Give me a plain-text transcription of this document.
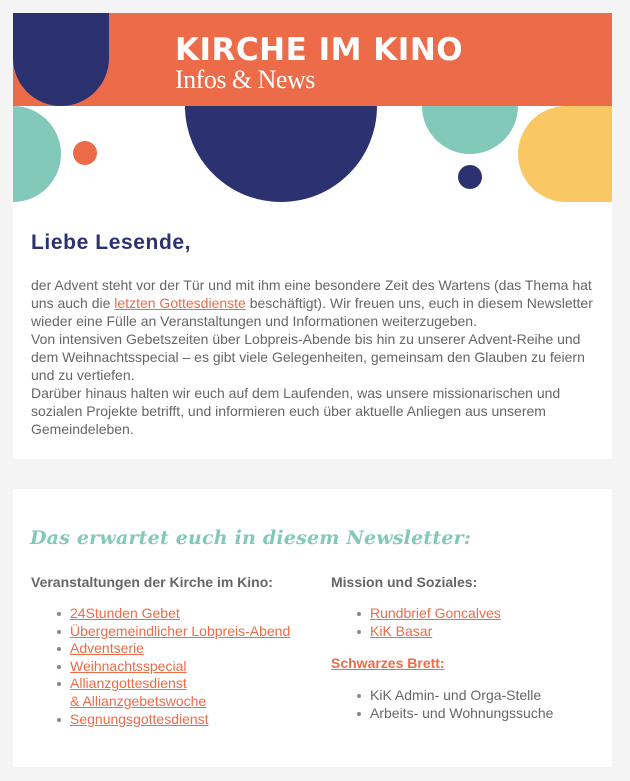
KIRCHE IM KINO
Infos & News
Liebe Lesende,

der Advent steht vor der Tür und mit ihm eine besondere Zeit des Wartens (das Thema hat uns auch die letzten Gottesdienste beschäftigt). Wir freuen uns, euch in diesem Newsletter wieder eine Fülle an Veranstaltungen und Informationen weiterzugeben.

Von intensiven Gebetszeiten über Lobpreis-Abende bis hin zu unserer Advent-Reihe und dem Weihnachtsspecial – es gibt viele Gelegenheiten, gemeinsam den Glauben zu feiern und zu vertiefen.

Darüber hinaus halten wir euch auf dem Laufenden, was unsere missionarischen und sozialen Projekte betrifft, und informieren euch über aktuelle Anliegen aus unserem Gemeindeleben.

Das erwartet euch in diesem Newsletter:
Veranstaltungen der Kirche im Kino:
24Stunden Gebet
Übergemeindlicher Lobpreis-Abend
Adventserie
Weihnachtsspecial
Allianzgottesdienst
& Allianzgebetswoche
Segnungsgottesdienst
Mission und Soziales:
Rundbrief Goncalves
KiK Basar
Schwarzes Brett:
KiK Admin- und Orga-Stelle
Arbeits- und Wohnungssuche
